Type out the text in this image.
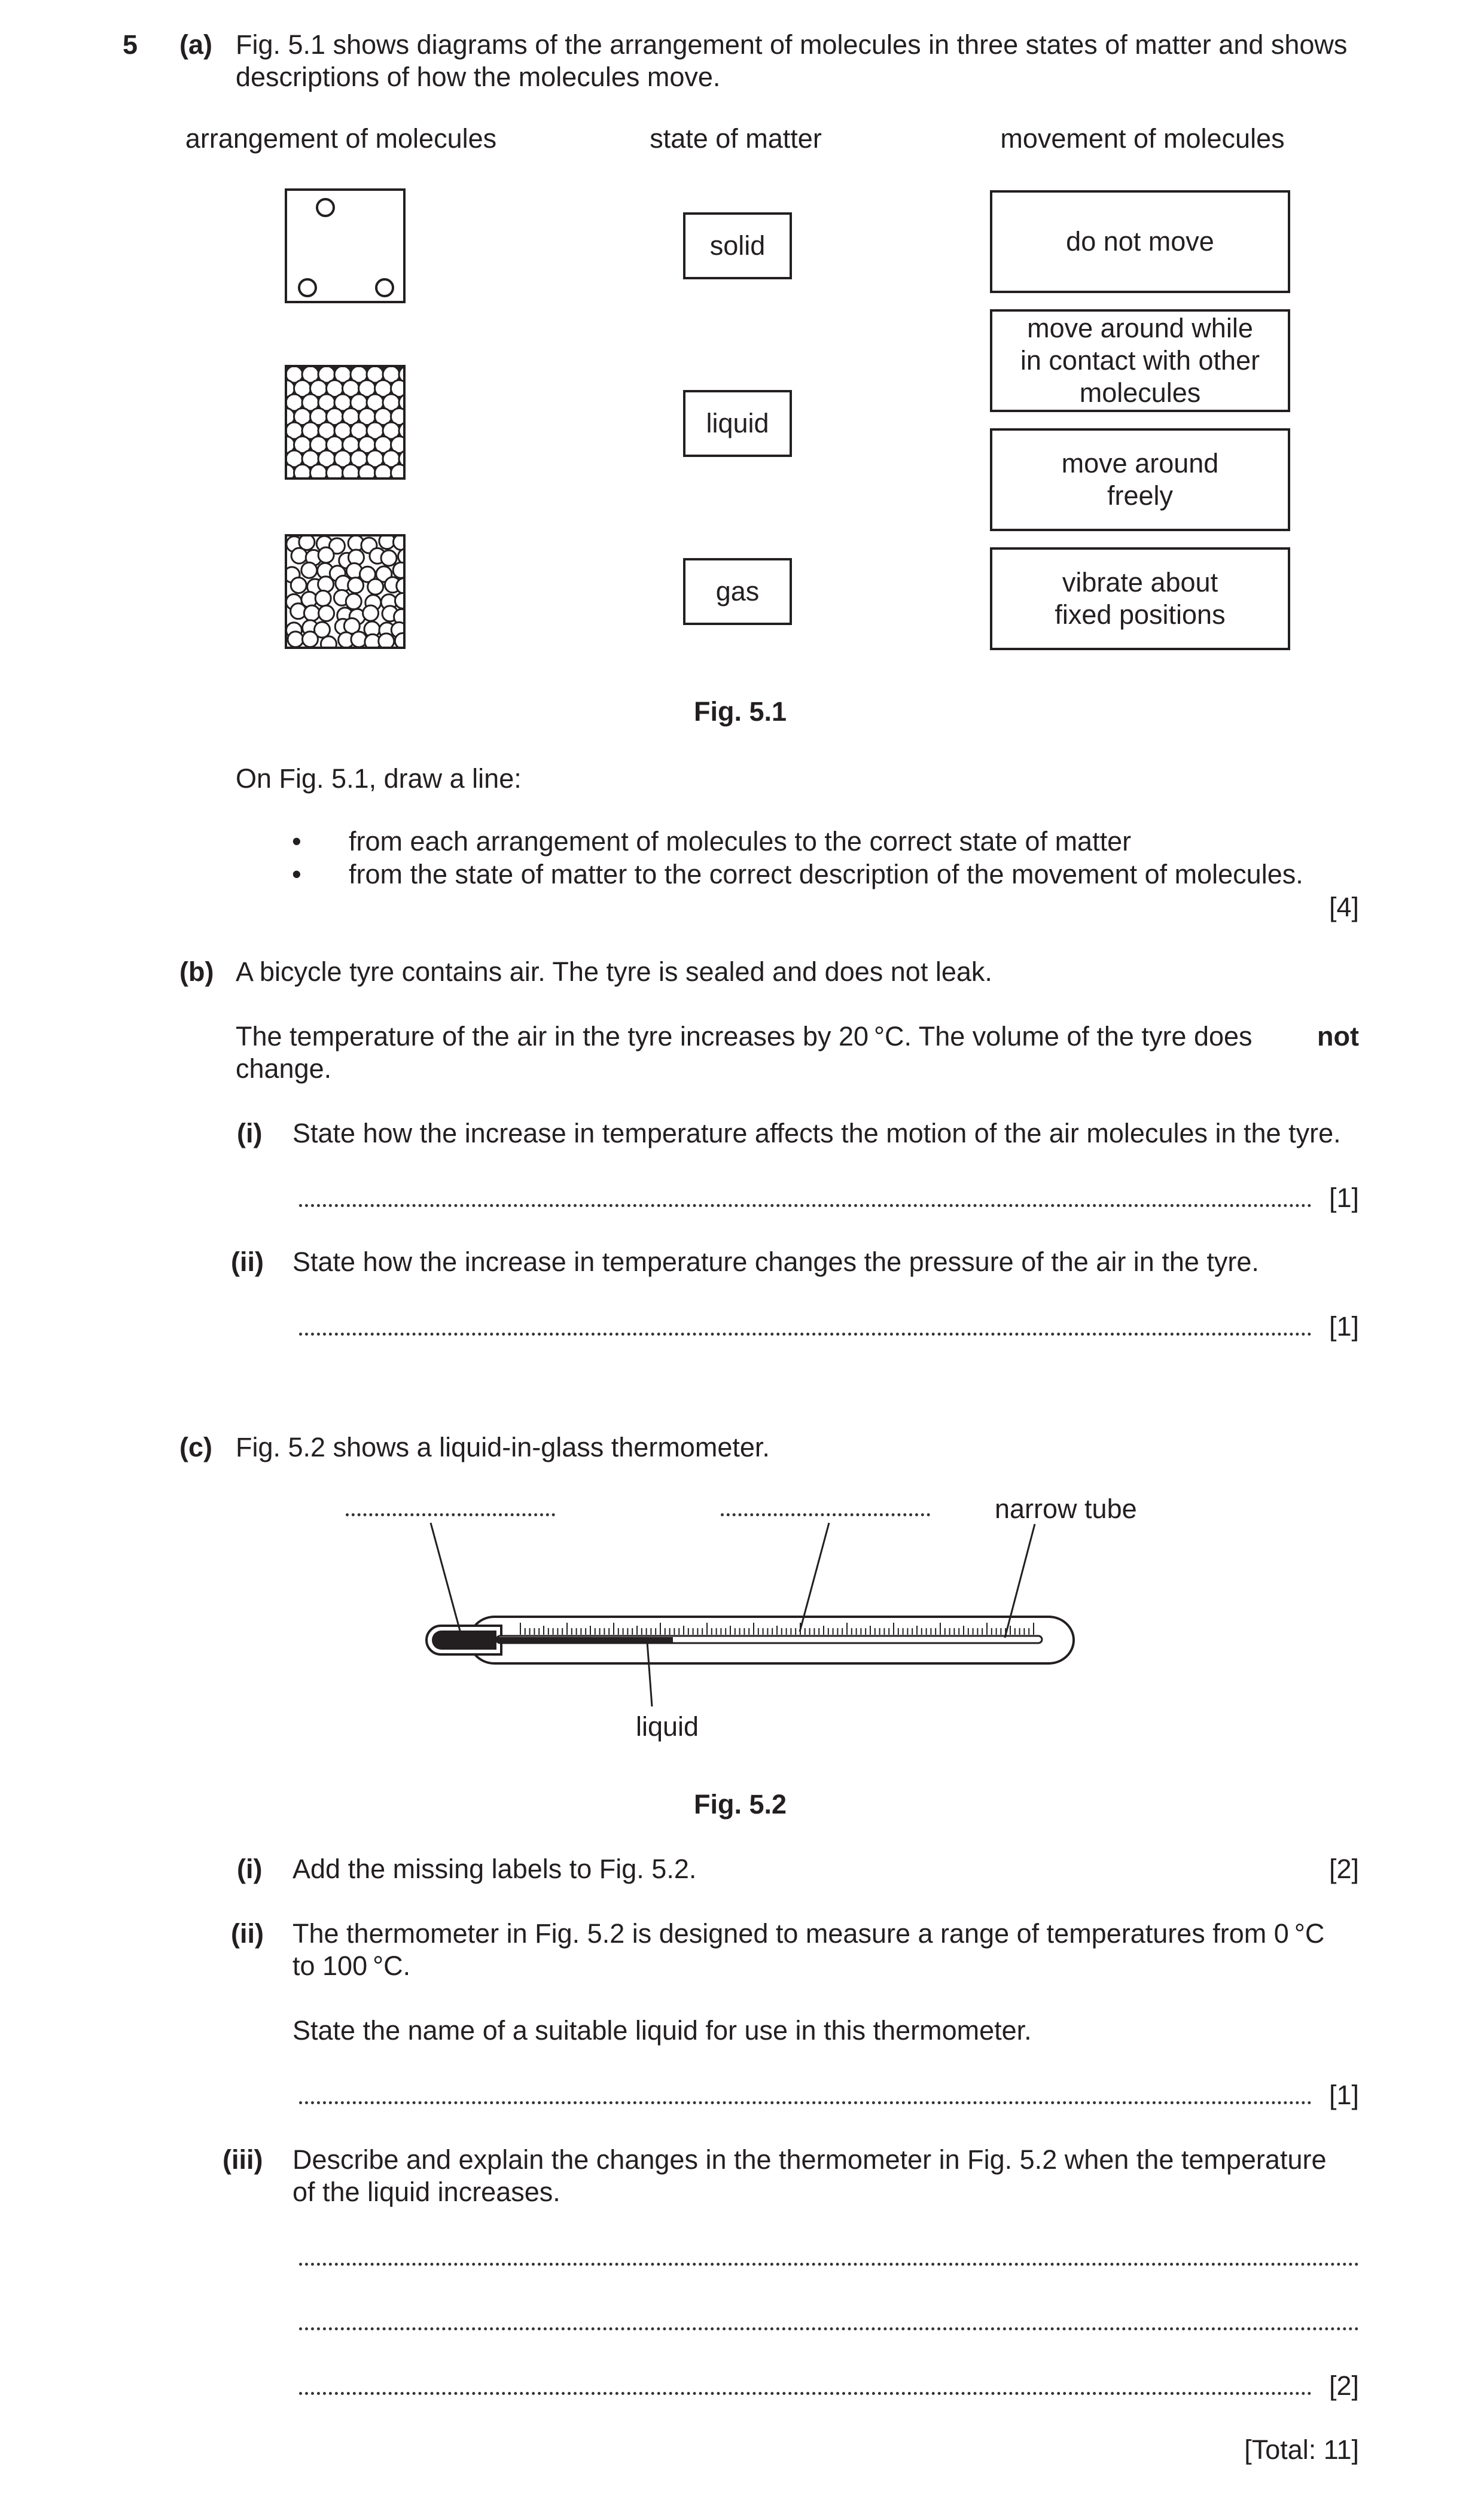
5 (a) Fig. 5.1 shows diagrams of the arrangement of molecules in three states of matter and shows
descriptions of how the molecules move.
arrangement of molecules	state of matter	movement of molecules
solid
liquid
gas
do not move
move around while
in contact with other
molecules
move around
freely
vibrate about
fixed positions
Fig. 5.1
On Fig. 5.1, draw a line:
• from each arrangement of molecules to the correct state of matter
• from the state of matter to the correct description of the movement of molecules.
[4]
(b) A bicycle tyre contains air. The tyre is sealed and does not leak.
The temperature of the air in the tyre increases by 20 °C. The volume of the tyre does not
change.
(i) State how the increase in temperature affects the motion of the air molecules in the tyre.
[1]
(ii) State how the increase in temperature changes the pressure of the air in the tyre.
[1]
(c) Fig. 5.2 shows a liquid-in-glass thermometer.
narrow tube
liquid
Fig. 5.2
(i) Add the missing labels to Fig. 5.2.	[2]
(ii) The thermometer in Fig. 5.2 is designed to measure a range of temperatures from 0 °C
to 100 °C.
State the name of a suitable liquid for use in this thermometer.
[1]
(iii) Describe and explain the changes in the thermometer in Fig. 5.2 when the temperature
of the liquid increases.
[2]
[Total: 11]
